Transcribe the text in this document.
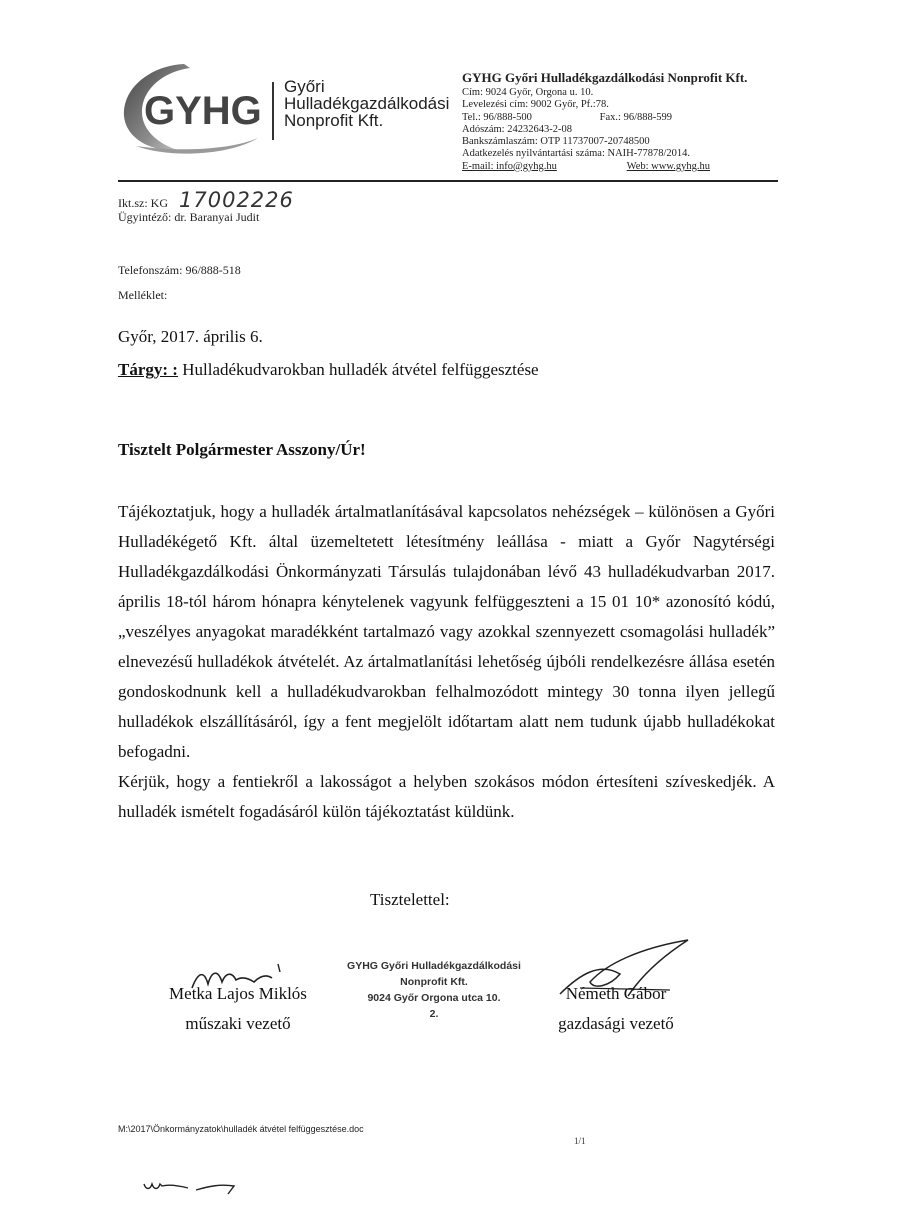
GYHG
Győri
Hulladékgazdálkodási
Nonprofit Kft.
GYHG Győri Hulladékgazdálkodási Nonprofit Kft.
Cím: 9024 Győr, Orgona u. 10.
Levelezési cím: 9002 Győr, Pf.:78.
Tel.: 96/888-500	Fax.: 96/888-599
Adószám: 24232643-2-08
Bankszámlaszám: OTP 11737007-20748500
Adatkezelés nyilvántartási száma: NAIH-77878/2014.
E-mail: info@gyhg.hu	Web: www.gyhg.hu
Ikt.sz: KG 17002226
Ügyintéző: dr. Baranyai Judit
Telefonszám: 96/888-518
Melléklet:
Győr, 2017. április 6.
Tárgy: : Hulladékudvarokban hulladék átvétel felfüggesztése
Tisztelt Polgármester Asszony/Úr!

Tájékoztatjuk, hogy a hulladék ártalmatlanításával kapcsolatos nehézségek – különösen a Győri Hulladékégető Kft. által üzemeltetett létesítmény leállása - miatt a Győr Nagytérségi Hulladékgazdálkodási Önkormányzati Társulás tulajdonában lévő 43 hulladékudvarban 2017. április 18-tól három hónapra kénytelenek vagyunk felfüggeszteni a 15 01 10* azonosító kódú, „veszélyes anyagokat maradékként tartalmazó vagy azokkal szennyezett csomagolási hulladék” elnevezésű hulladékok átvételét. Az ártalmatlanítási lehetőség újbóli rendelkezésre állása esetén gondoskodnunk kell a hulladékudvarokban felhalmozódott mintegy 30 tonna ilyen jellegű hulladékok elszállításáról, így a fent megjelölt időtartam alatt nem tudunk újabb hulladékokat befogadni.

Kérjük, hogy a fentiekről a lakosságot a helyben szokásos módon értesíteni szíveskedjék. A hulladék ismételt fogadásáról külön tájékoztatást küldünk.

Tisztelettel:
Metka Lajos Miklós
műszaki vezető
GYHG Győri Hulladékgazdálkodási
Nonprofit Kft.
9024 Győr Orgona utca 10.
2.
Németh Gábor
gazdasági vezető
M:\2017\Önkormányzatok\hulladék átvétel felfüggesztése.doc
1/1
